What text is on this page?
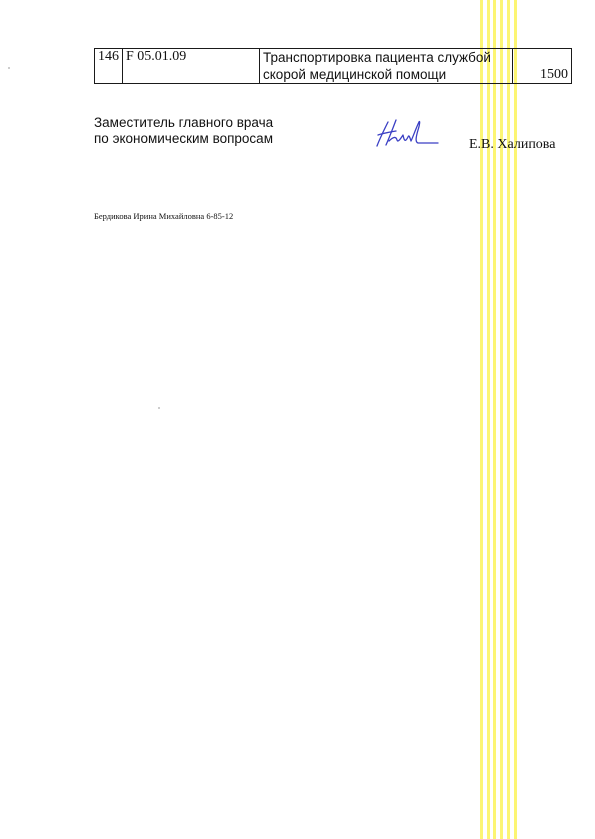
146	F 05.01.09	Транспортировка пациента службой
скорой медицинской помощи	1500
Заместитель главного врача
по экономическим вопросам	Е.В. Халипова
Бердикова Ирина Михайловна 6-85-12
